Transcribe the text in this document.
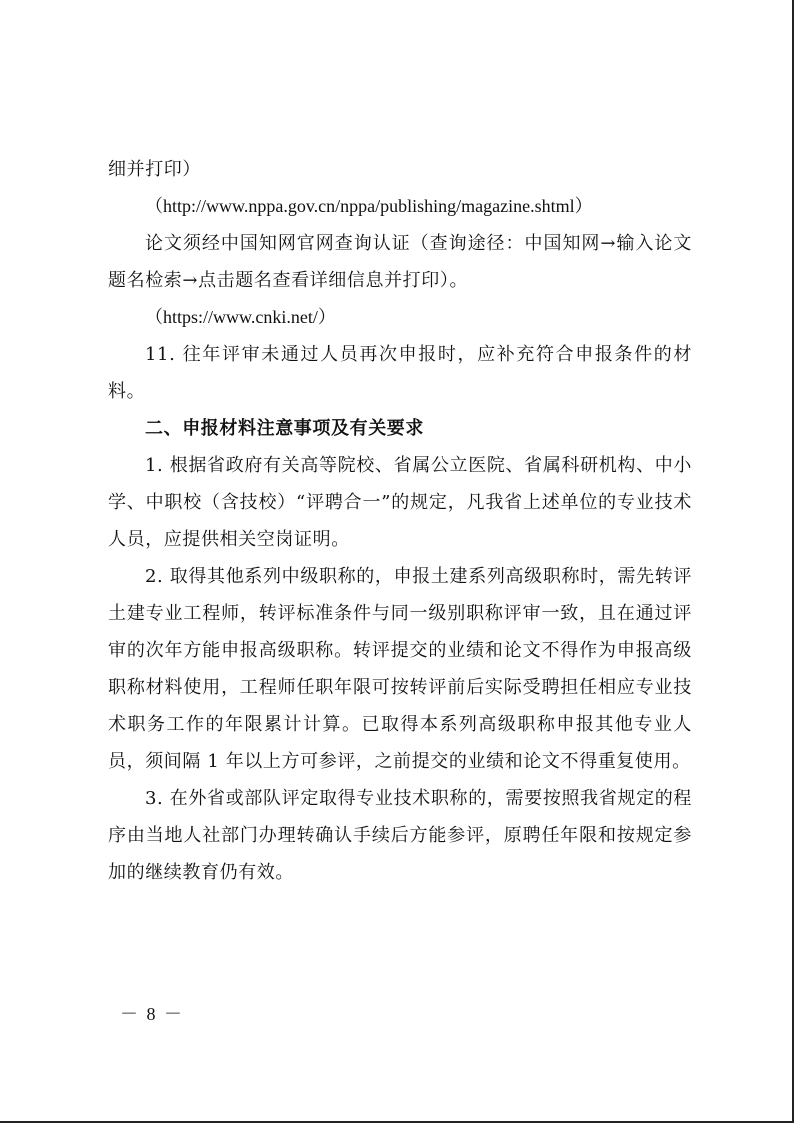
细并打印）

（http://www.nppa.gov.cn/nppa/publishing/magazine.shtml）

论文须经中国知网官网查询认证（查询途径：中国知网→输入论文题名检索→点击题名查看详细信息并打印）。

（https://www.cnki.net/）

11. 往年评审未通过人员再次申报时，应补充符合申报条件的材料。

二、申报材料注意事项及有关要求

1. 根据省政府有关高等院校、省属公立医院、省属科研机构、中小学、中职校（含技校）“评聘合一”的规定，凡我省上述单位的专业技术人员，应提供相关空岗证明。

2. 取得其他系列中级职称的，申报土建系列高级职称时，需先转评土建专业工程师，转评标准条件与同一级别职称评审一致，且在通过评审的次年方能申报高级职称。转评提交的业绩和论文不得作为申报高级职称材料使用，工程师任职年限可按转评前后实际受聘担任相应专业技术职务工作的年限累计计算。已取得本系列高级职称申报其他专业人员，须间隔 1 年以上方可参评，之前提交的业绩和论文不得重复使用。

3. 在外省或部队评定取得专业技术职称的，需要按照我省规定的程序由当地人社部门办理转确认手续后方能参评，原聘任年限和按规定参加的继续教育仍有效。

－ 8 －
